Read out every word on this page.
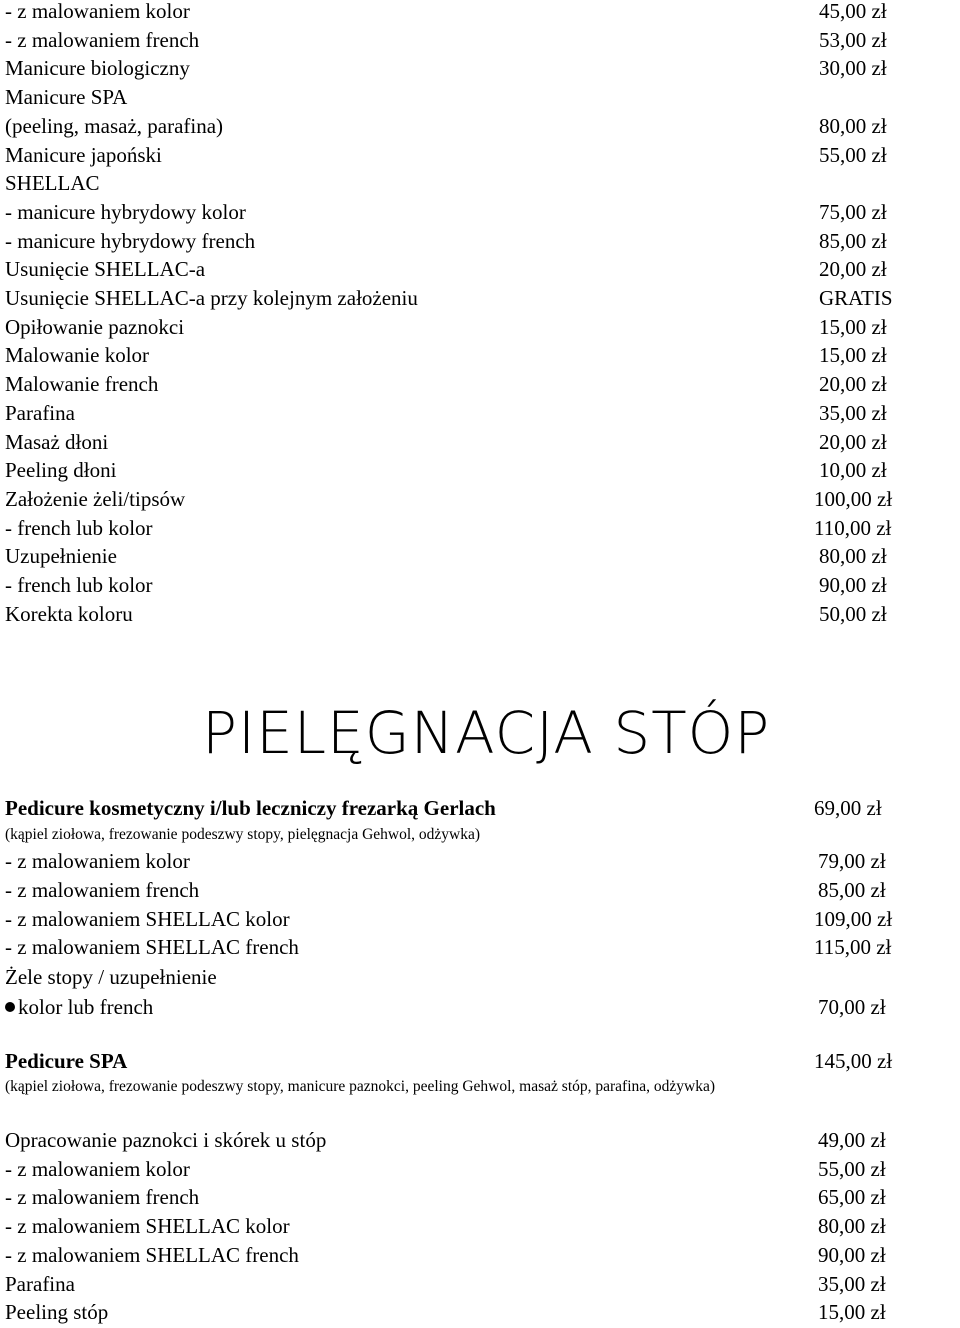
- z malowaniem kolor	45,00 zł
- z malowaniem french	53,00 zł
Manicure biologiczny	30,00 zł
Manicure SPA
(peeling, masaż, parafina)	80,00 zł
Manicure japoński	55,00 zł
SHELLAC
- manicure hybrydowy kolor	75,00 zł
- manicure hybrydowy french	85,00 zł
Usunięcie SHELLAC-a	20,00 zł
Usunięcie SHELLAC-a przy kolejnym założeniu	GRATIS
Opiłowanie paznokci	15,00 zł
Malowanie kolor	15,00 zł
Malowanie french	20,00 zł
Parafina	35,00 zł
Masaż dłoni	20,00 zł
Peeling dłoni	10,00 zł
Założenie żeli/tipsów	100,00 zł
- french lub kolor	110,00 zł
Uzupełnienie	80,00 zł
- french lub kolor	90,00 zł
Korekta koloru	50,00 zł
PIELĘGNACJA STÓP
Pedicure kosmetyczny i/lub leczniczy frezarką Gerlach	69,00 zł
(kąpiel ziołowa, frezowanie podeszwy stopy, pielęgnacja Gehwol, odżywka)
- z malowaniem kolor	79,00 zł
- z malowaniem french	85,00 zł
- z malowaniem SHELLAC kolor	109,00 zł
- z malowaniem SHELLAC french	115,00 zł
Żele stopy / uzupełnienie
kolor lub french	70,00 zł
Pedicure SPA	145,00 zł
(kąpiel ziołowa, frezowanie podeszwy stopy, manicure paznokci, peeling Gehwol, masaż stóp, parafina, odżywka)
Opracowanie paznokci i skórek u stóp	49,00 zł
- z malowaniem kolor	55,00 zł
- z malowaniem french	65,00 zł
- z malowaniem SHELLAC kolor	80,00 zł
- z malowaniem SHELLAC french	90,00 zł
Parafina	35,00 zł
Peeling stóp	15,00 zł
